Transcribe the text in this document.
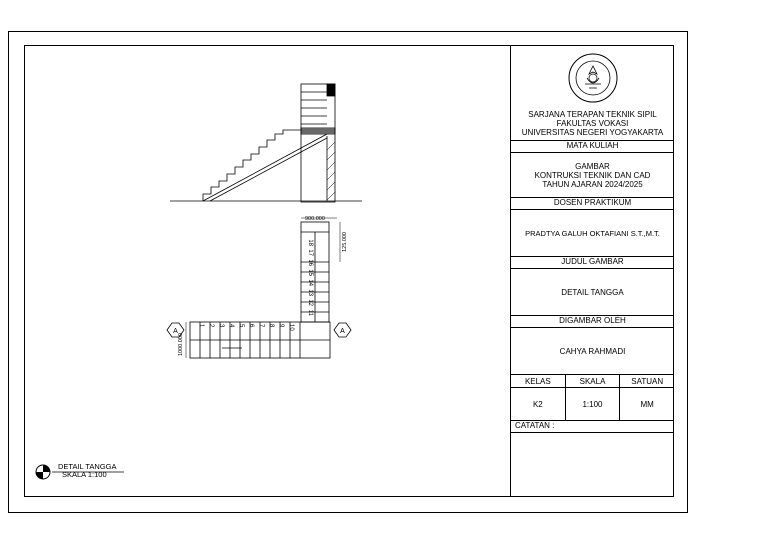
900.000
125.000
1000.000
A	A
1 2 3 4 5 6 7 8 9 10
11
12
13
14
15
16
17
18
DETAIL TANGGA
SKALA 1:100
·
SARJANA TERAPAN TEKNIK SIPIL
FAKULTAS VOKASI
UNIVERSITAS NEGERI YOGYAKARTA
MATA KULIAH
GAMBAR
KONTRUKSI TEKNIK DAN CAD
TAHUN AJARAN 2024/2025
DOSEN PRAKTIKUM
PRADTYA GALUH OKTAFIANI S.T.,M.T.
JUDUL GAMBAR
DETAIL TANGGA
DIGAMBAR OLEH
CAHYA RAHMADI
KELAS	SKALA	SATUAN
K2	1:100	MM
CATATAN :
